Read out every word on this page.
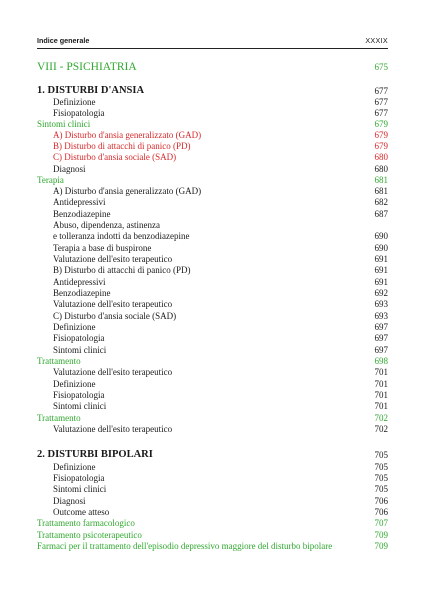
Indice generale	XXXIX
VIII - PSICHIATRIA	675
1. DISTURBI D'ANSIA	677
Definizione	677
Fisiopatologia	677
Sintomi clinici	679
A) Disturbo d'ansia generalizzato (GAD)	679
B) Disturbo di attacchi di panico (PD)	679
C) Disturbo d'ansia sociale (SAD)	680
Diagnosi	680
Terapia	681
A) Disturbo d'ansia generalizzato (GAD)	681
Antidepressivi	682
Benzodiazepine	687
Abuso, dipendenza, astinenza
e tolleranza indotti da benzodiazepine	690
Terapia a base di buspirone	690
Valutazione dell'esito terapeutico	691
B) Disturbo di attacchi di panico (PD)	691
Antidepressivi	691
Benzodiazepine	692
Valutazione dell'esito terapeutico	693
C) Disturbo d'ansia sociale (SAD)	693
Definizione	697
Fisiopatologia	697
Sintomi clinici	697
Trattamento	698
Valutazione dell'esito terapeutico	701
Definizione	701
Fisiopatologia	701
Sintomi clinici	701
Trattamento	702
Valutazione dell'esito terapeutico	702
2. DISTURBI BIPOLARI	705
Definizione	705
Fisiopatologia	705
Sintomi clinici	705
Diagnosi	706
Outcome atteso	706
Trattamento farmacologico	707
Trattamento psicoterapeutico	709
Farmaci per il trattamento dell'episodio depressivo maggiore del disturbo bipolare	709
